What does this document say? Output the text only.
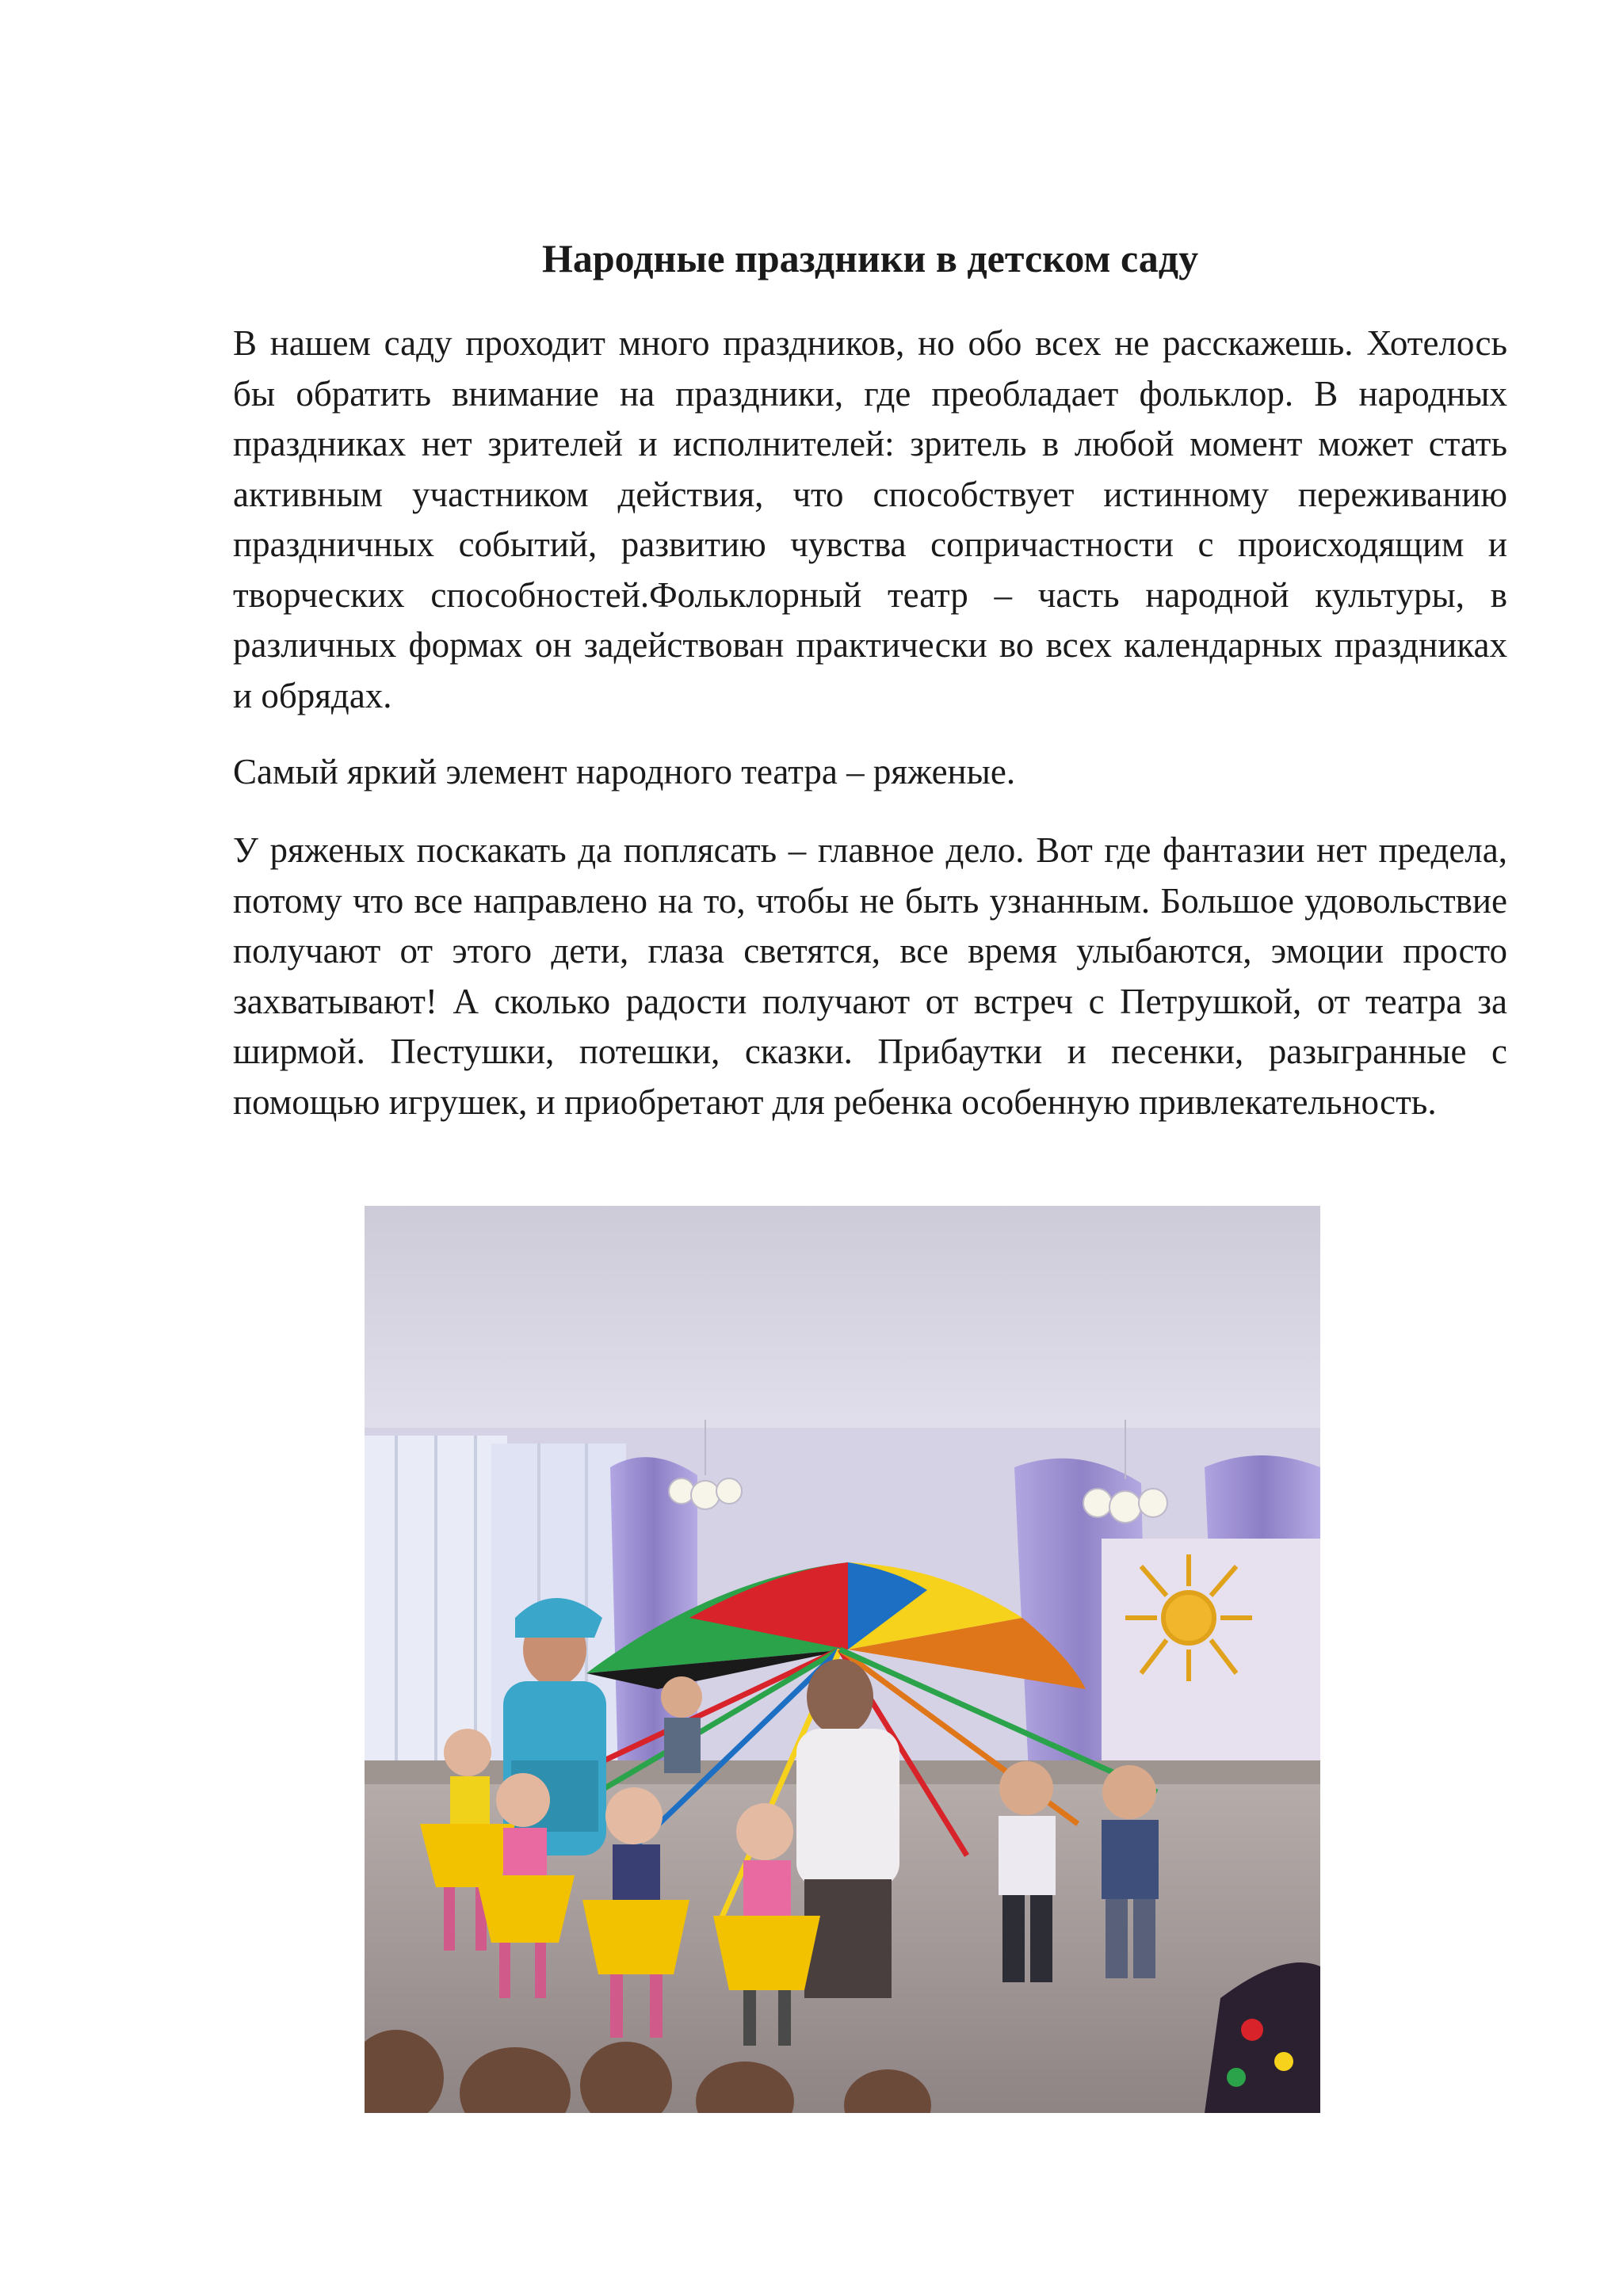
Народные праздники в детском саду

В нашем саду проходит много праздников, но обо всех не расскажешь. Хотелось бы обратить внимание на праздники, где преобладает фольклор. В народных праздниках нет зрителей и исполнителей: зритель в любой момент может стать активным участником действия, что способствует истинному переживанию праздничных событий, развитию чувства сопричастности с происходящим и творческих способностей.Фольклорный театр – часть народной культуры, в различных формах он задействован практически во всех календарных праздниках и обрядах.

Самый яркий элемент народного театра – ряженые.

У ряженых поскакать да поплясать – главное дело. Вот где фантазии нет предела, потому что все направлено на то, чтобы не быть узнанным. Большое удовольствие получают от этого дети, глаза светятся, все время улыбаются, эмоции просто захватывают! А сколько радости получают от встреч с Петрушкой, от театра за ширмой. Пестушки, потешки, сказки. Прибаутки и песенки, разыгранные с помощью игрушек, и приобретают для ребенка особенную привлекательность.
